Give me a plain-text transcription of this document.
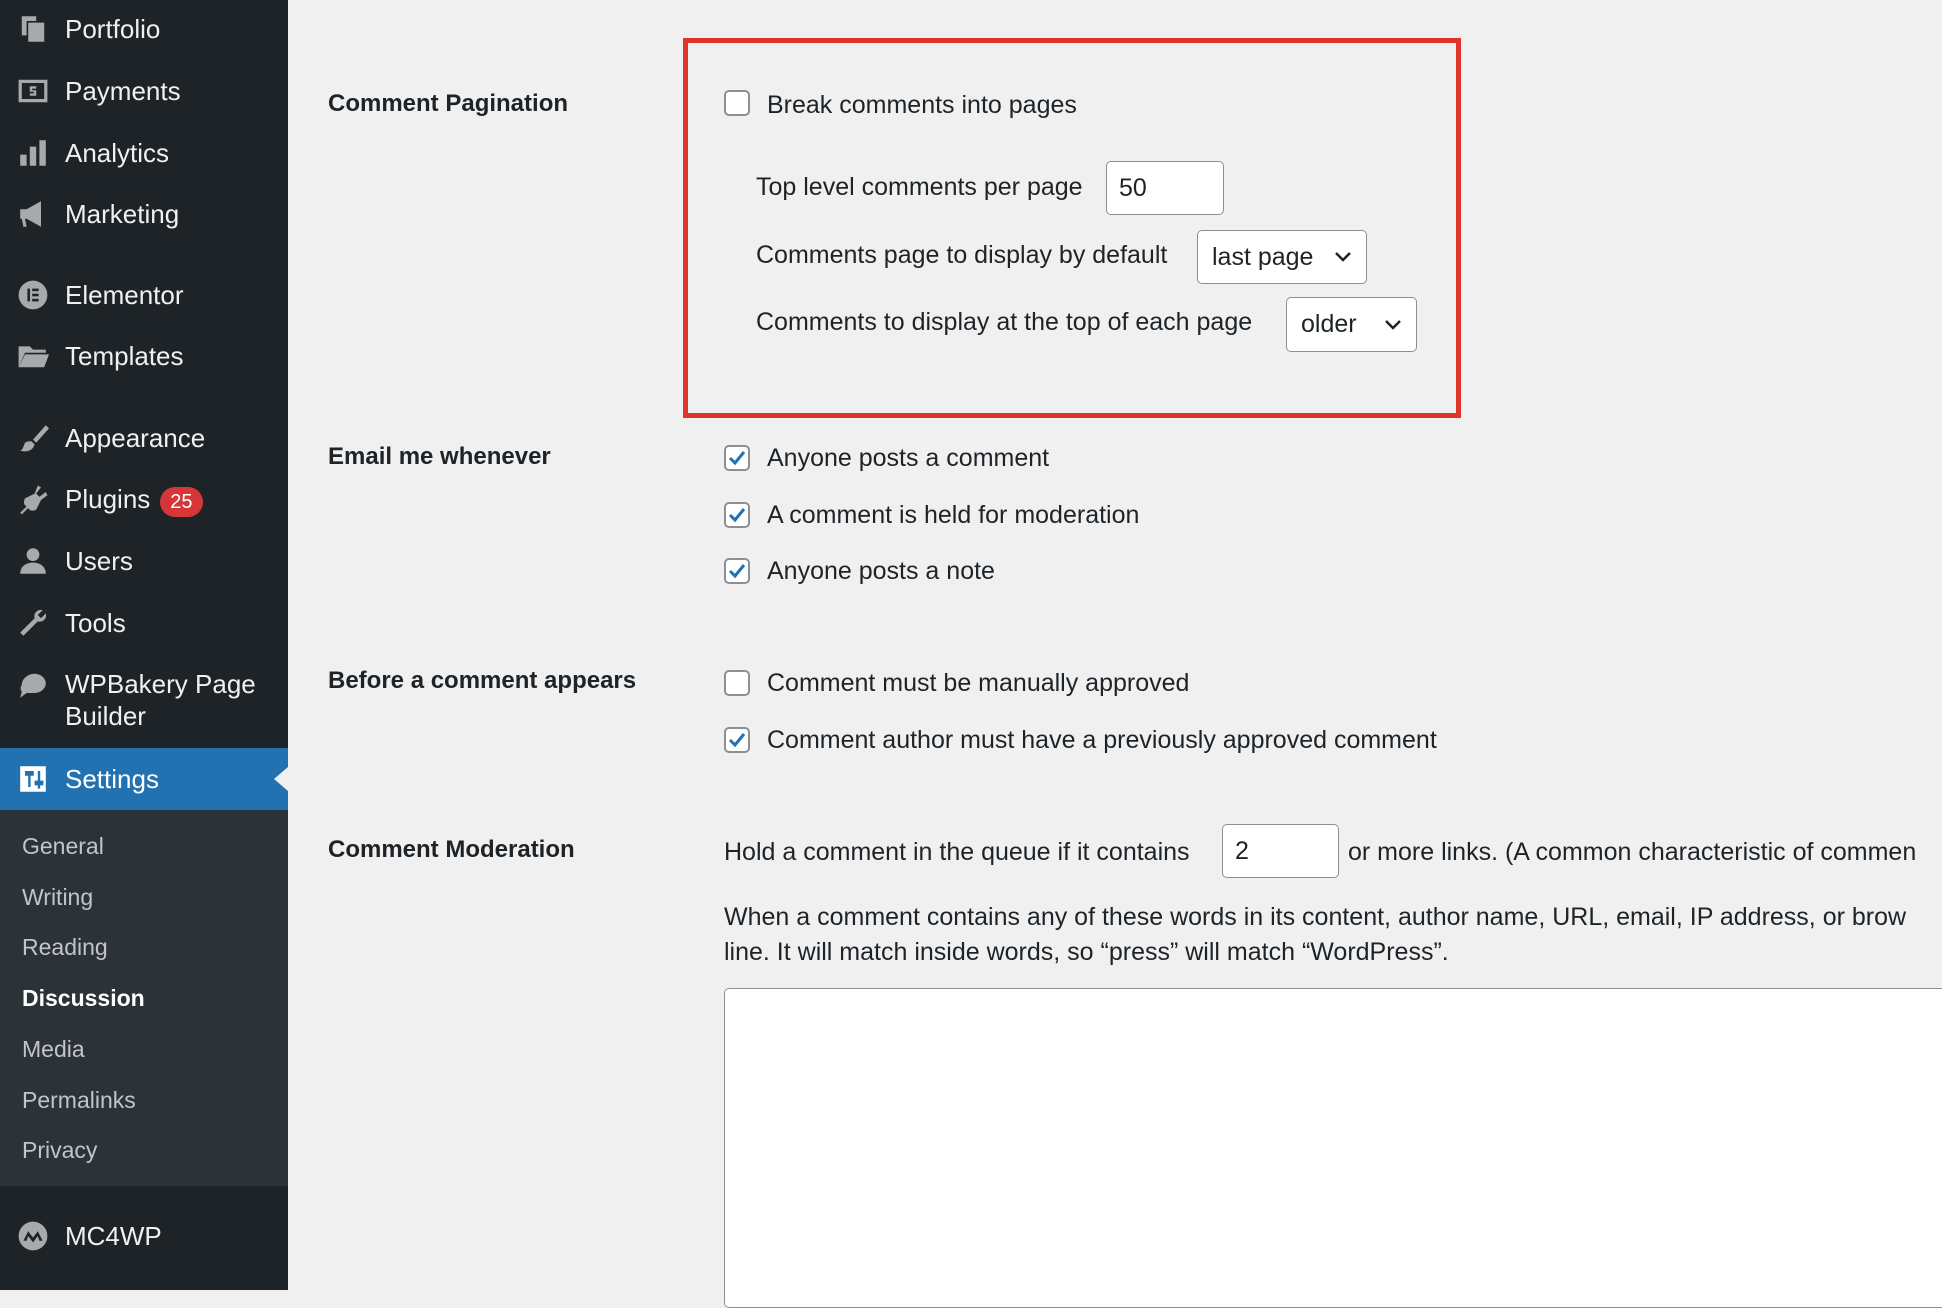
Portfolio
Payments
Analytics
Marketing
Elementor
Templates
Appearance
Plugins 25
Users
Tools
WPBakery Page
Builder
Settings
General
Writing
Reading
Discussion
Media
Permalinks
Privacy
MC4WP
Comment Pagination	Break comments into pages
Top level comments per page	50
Comments page to display by default last page
Comments to display at the top of each page older
Email me whenever	Anyone posts a comment
A comment is held for moderation
Anyone posts a note
Before a comment appears	Comment must be manually approved
Comment author must have a previously approved comment
Comment Moderation	Hold a comment in the queue if it contains	2	or more links. (A common characteristic of commen
When a comment contains any of these words in its content, author name, URL, email, IP address, or brow
line. It will match inside words, so “press” will match “WordPress”.
